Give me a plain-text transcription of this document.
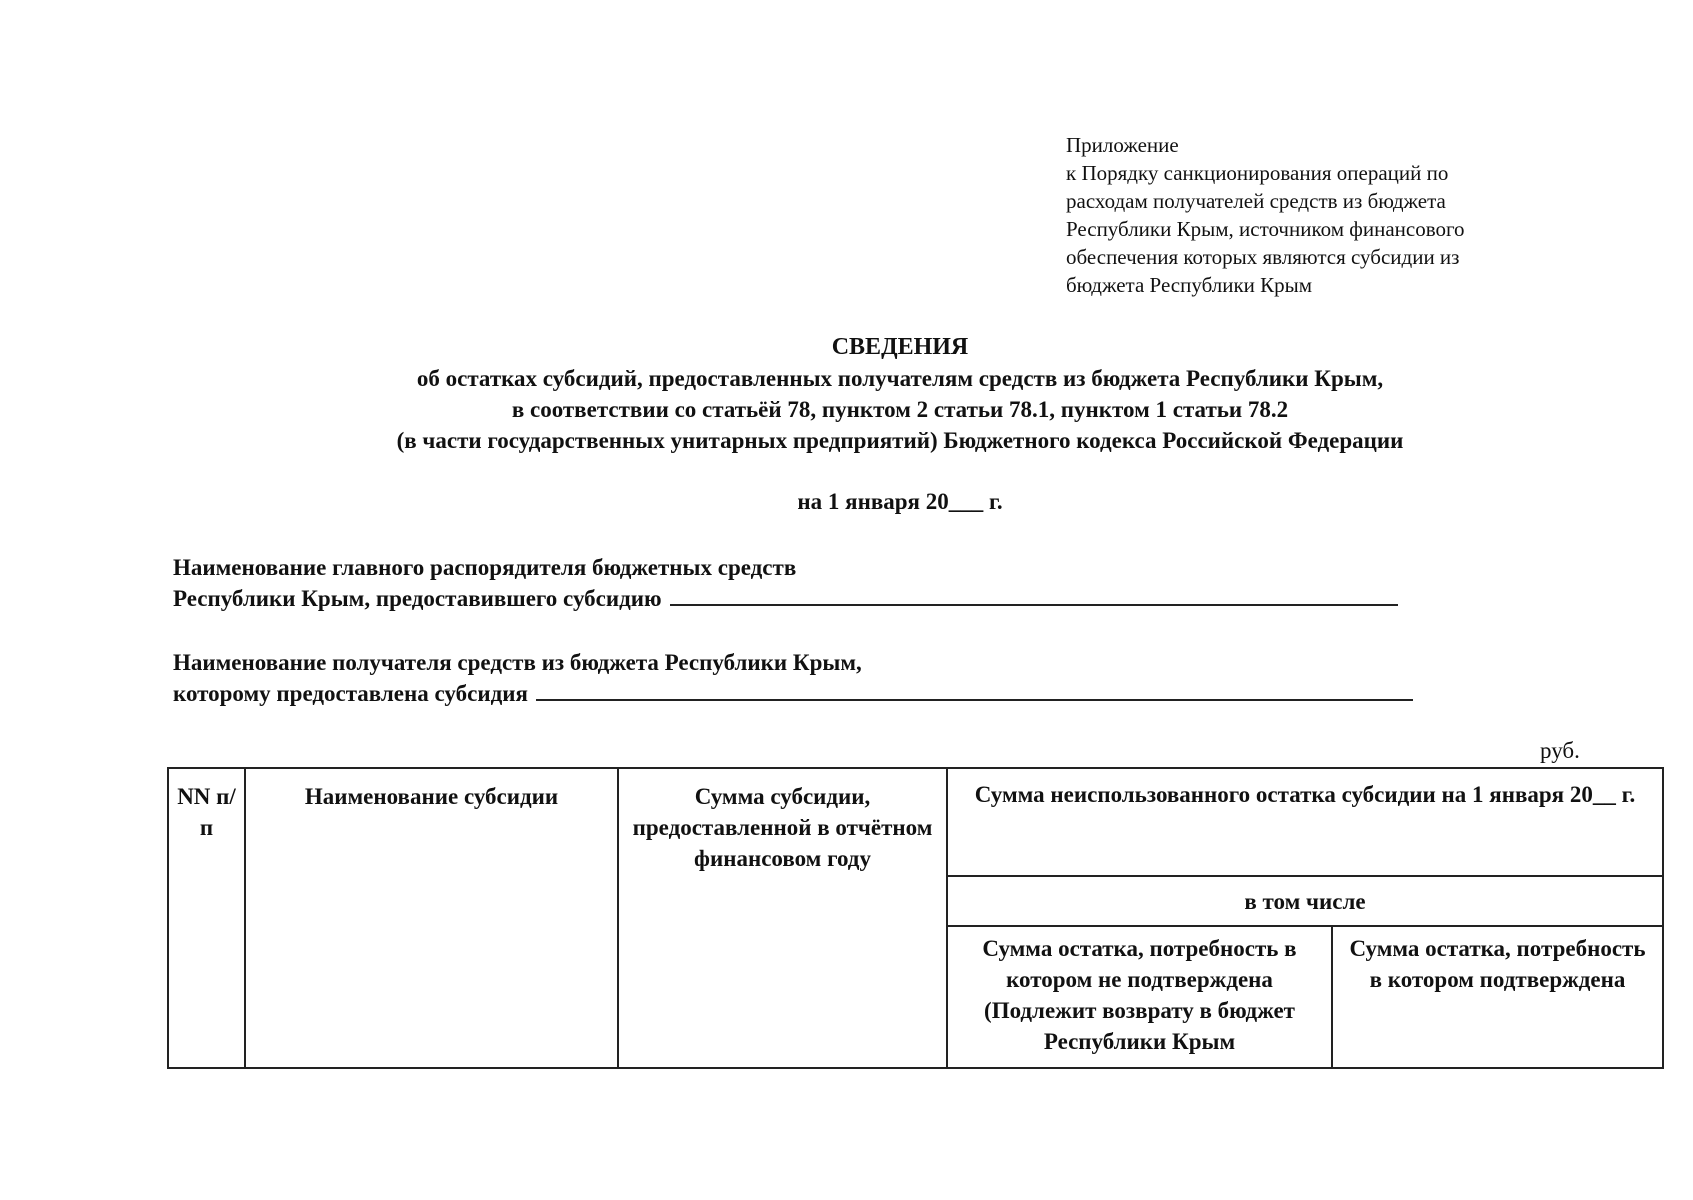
Приложение
к Порядку санкционирования операций по
расходам получателей средств из бюджета
Республики Крым, источником финансового
обеспечения которых являются субсидии из
бюджета Республики Крым
СВЕДЕНИЯ
об остатках субсидий, предоставленных получателям средств из бюджета Республики Крым,
в соответствии со статьёй 78, пунктом 2 статьи 78.1, пунктом 1 статьи 78.2
(в части государственных унитарных предприятий) Бюджетного кодекса Российской Федерации
на 1 января 20___ г.
Наименование главного распорядителя бюджетных средств
Республики Крым, предоставившего субсидию
Наименование получателя средств из бюджета Республики Крым,
которому предоставлена субсидия
руб.
NN п/п	Наименование субсидии	Сумма субсидии, предоставленной в отчётном финансовом году	Сумма неиспользованного остатка субсидии на 1 января 20__ г.	
			в том числе	
			Сумма остатка, потребность в котором не подтверждена (Подлежит возврату в бюджет Республики Крым	Сумма остатка, потребность в котором подтверждена
